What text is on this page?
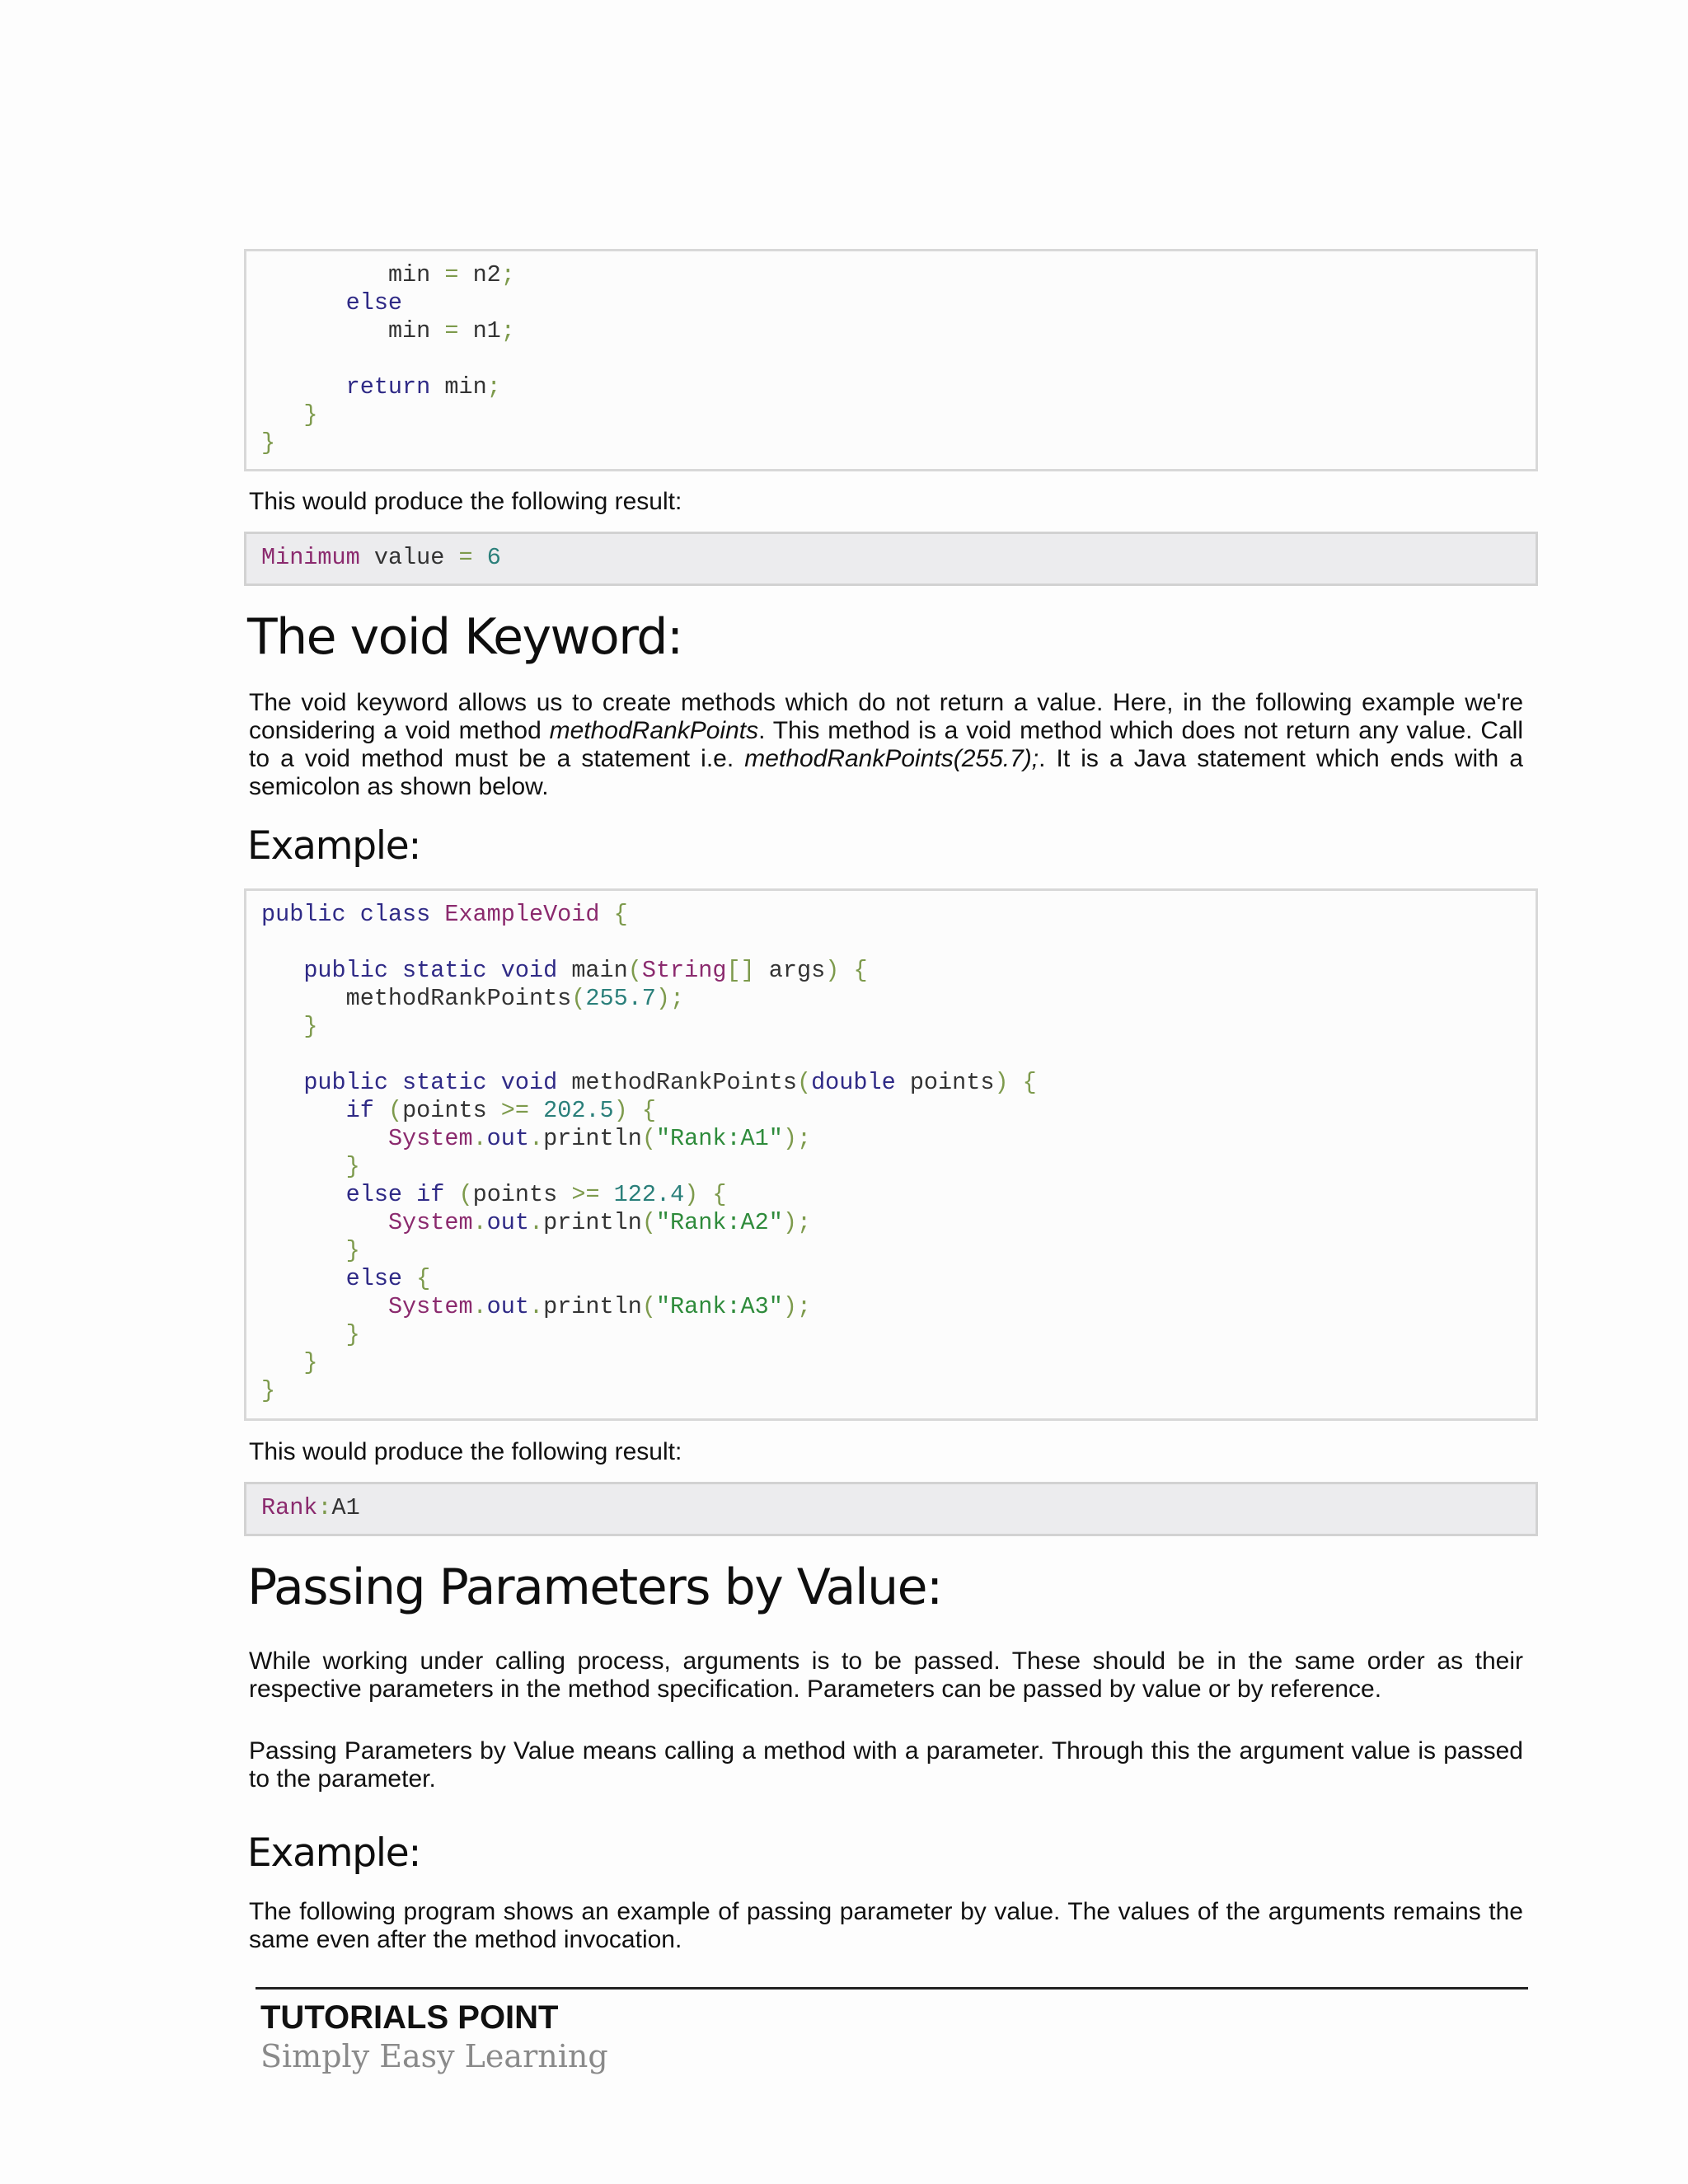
min = n2;
else
min = n1;
return min;
}
}
This would produce the following result:
Minimum value = 6
The void Keyword:
The void keyword allows us to create methods which do not return a value. Here, in the following example we're considering a void method methodRankPoints. This method is a void method which does not return any value. Call to a void method must be a statement i.e. methodRankPoints(255.7);. It is a Java statement which ends with a semicolon as shown below.
Example:
public class ExampleVoid {
public static void main(String[] args) {
methodRankPoints(255.7);
}
public static void methodRankPoints(double points) {
if (points >= 202.5) {
System.out.println("Rank:A1");
}
else if (points >= 122.4) {
System.out.println("Rank:A2");
}
else {
System.out.println("Rank:A3");
}
}
}
This would produce the following result:
Rank:A1
Passing Parameters by Value:
While working under calling process, arguments is to be passed. These should be in the same order as their respective parameters in the method specification. Parameters can be passed by value or by reference.
Passing Parameters by Value means calling a method with a parameter. Through this the argument value is passed to the parameter.
Example:
The following program shows an example of passing parameter by value. The values of the arguments remains the same even after the method invocation.
TUTORIALS POINT
Simply Easy Learning
